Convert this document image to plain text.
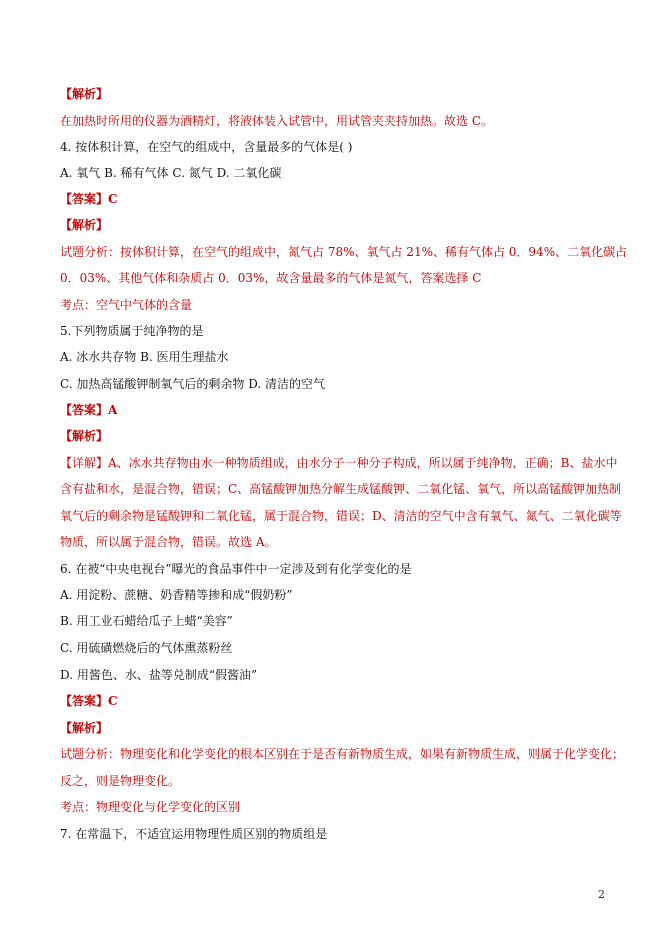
【解析】
在加热时所用的仪器为酒精灯，将液体装入试管中，用试管夹夹持加热。故选 C。
4. 按体积计算，在空气的组成中，含量最多的气体是( )
A. 氧气 B. 稀有气体 C. 氮气 D. 二氧化碳
【答案】C
【解析】
试题分析：按体积计算，在空气的组成中，氮气占 78%、氧气占 21%、稀有气体占 0．94%、二氧化碳占
0．03%、其他气体和杂质占 0．03%，故含量最多的气体是氮气，答案选择 C
考点：空气中气体的含量
5.下列物质属于纯净物的是
A. 冰水共存物 B. 医用生理盐水
C. 加热高锰酸钾制氧气后的剩余物 D. 清洁的空气
【答案】A
【解析】
【详解】A、冰水共存物由水一种物质组成，由水分子一种分子构成，所以属于纯净物，正确；B、盐水中
含有盐和水，是混合物，错误；C、高锰酸钾加热分解生成锰酸钾、二氧化锰、氧气，所以高锰酸钾加热制
氧气后的剩余物是锰酸钾和二氧化锰，属于混合物，错误；D、清洁的空气中含有氧气、氮气、二氧化碳等
物质，所以属于混合物，错误。故选 A。
6. 在被“中央电视台”曝光的食品事件中一定涉及到有化学变化的是
A. 用淀粉、蔗糖、奶香精等掺和成“假奶粉”
B. 用工业石蜡给瓜子上蜡“美容”
C. 用硫磺燃烧后的气体熏蒸粉丝
D. 用酱色、水、盐等兑制成“假酱油”
【答案】C
【解析】
试题分析：物理变化和化学变化的根本区别在于是否有新物质生成，如果有新物质生成，则属于化学变化；
反之，则是物理变化。
考点：物理变化与化学变化的区别
7. 在常温下，不适宜运用物理性质区别的物质组是
2
